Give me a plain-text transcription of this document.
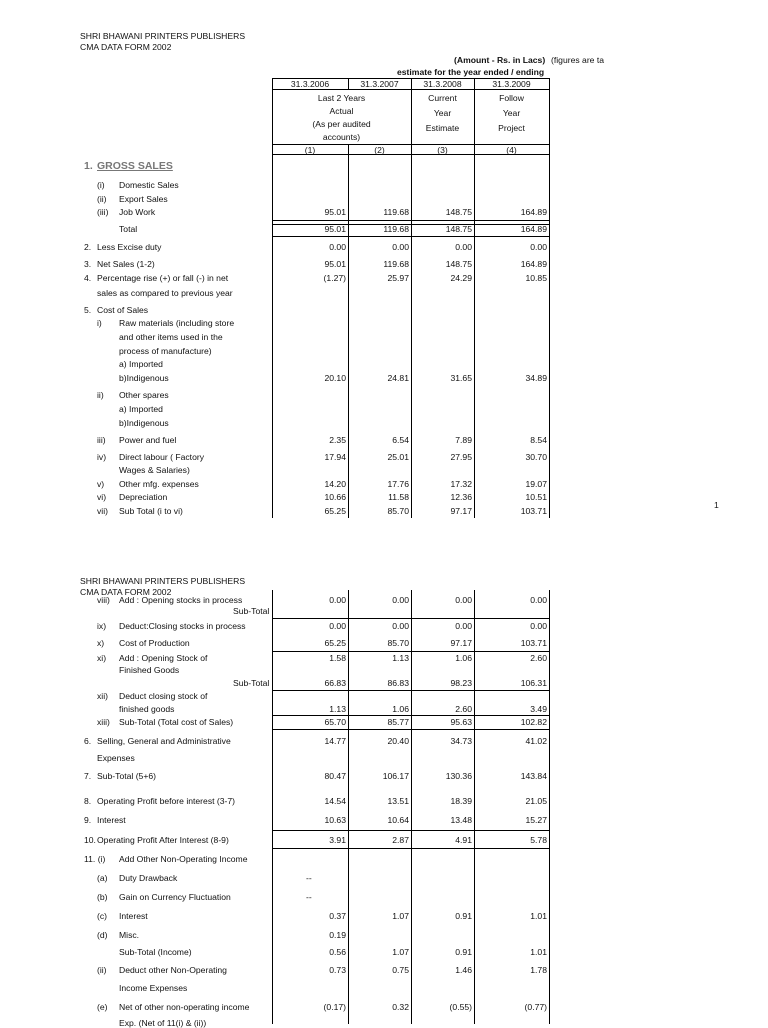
SHRI BHAWANI PRINTERS PUBLISHERS
CMA DATA FORM 2002
(Amount - Rs. in Lacs) (figures are ta
estimate for the year ended / ending
31.3.2006	31.3.2007	31.3.2008	31.3.2009
Last 2 Years
Actual
(As per audited
accounts)
Current
Year
Estimate
Follow
Year
Project
(1)	(2)	(3)	(4)
1. GROSS SALES
(i) Domestic Sales
(ii) Export Sales
(iii) Job Work	95.01	119.68	148.75	164.89
Total	95.01	119.68	148.75	164.89
2. Less Excise duty	0.00	0.00	0.00	0.00
3. Net Sales (1-2)	95.01	119.68	148.75	164.89
4. Percentage rise (+) or fall (-) in net	(1.27)	25.97	24.29	10.85
sales as compared to previous year
5. Cost of Sales
i) Raw materials (including store
and other items used in the
process of manufacture)
a) Imported
b)Indigenous	20.10	24.81	31.65	34.89
ii) Other spares
a) Imported
b)Indigenous
iii) Power and fuel	2.35	6.54	7.89	8.54
iv) Direct labour ( Factory	17.94	25.01	27.95	30.70
Wages & Salaries)
v) Other mfg. expenses	14.20	17.76	17.32	19.07
vi) Depreciation	10.66	11.58	12.36	10.51
vii) Sub Total (i to vi)	65.25	85.70	97.17	103.71
1
SHRI BHAWANI PRINTERS PUBLISHERS
CMA DATA FORM 2002
viii) Add : Opening stocks in process	0.00	0.00	0.00	0.00
Sub-Total
ix) Deduct:Closing stocks in process	0.00	0.00	0.00	0.00
x) Cost of Production	65.25	85.70	97.17	103.71
xi) Add : Opening Stock of	1.58	1.13	1.06	2.60
Finished Goods
Sub-Total	66.83	86.83	98.23	106.31
xii) Deduct closing stock of
finished goods	1.13	1.06	2.60	3.49
xiii) Sub-Total (Total cost of Sales)	65.70	85.77	95.63	102.82
6. Selling, General and Administrative	14.77	20.40	34.73	41.02
Expenses
7. Sub-Total (5+6)	80.47	106.17	130.36	143.84
8. Operating Profit before interest (3-7)	14.54	13.51	18.39	21.05
9. Interest	10.63	10.64	13.48	15.27
10. Operating Profit After Interest (8-9)	3.91	2.87	4.91	5.78
11. (i) Add Other Non-Operating Income
(a) Duty Drawback	--
(b) Gain on Currency Fluctuation	--
(c) Interest	0.37	1.07	0.91	1.01
(d) Misc.	0.19
Sub-Total (Income)	0.56	1.07	0.91	1.01
(ii) Deduct other Non-Operating	0.73	0.75	1.46	1.78
Income Expenses
(e) Net of other non-operating income	(0.17)	0.32	(0.55)	(0.77)
Exp. (Net of 11(i) & (ii))
